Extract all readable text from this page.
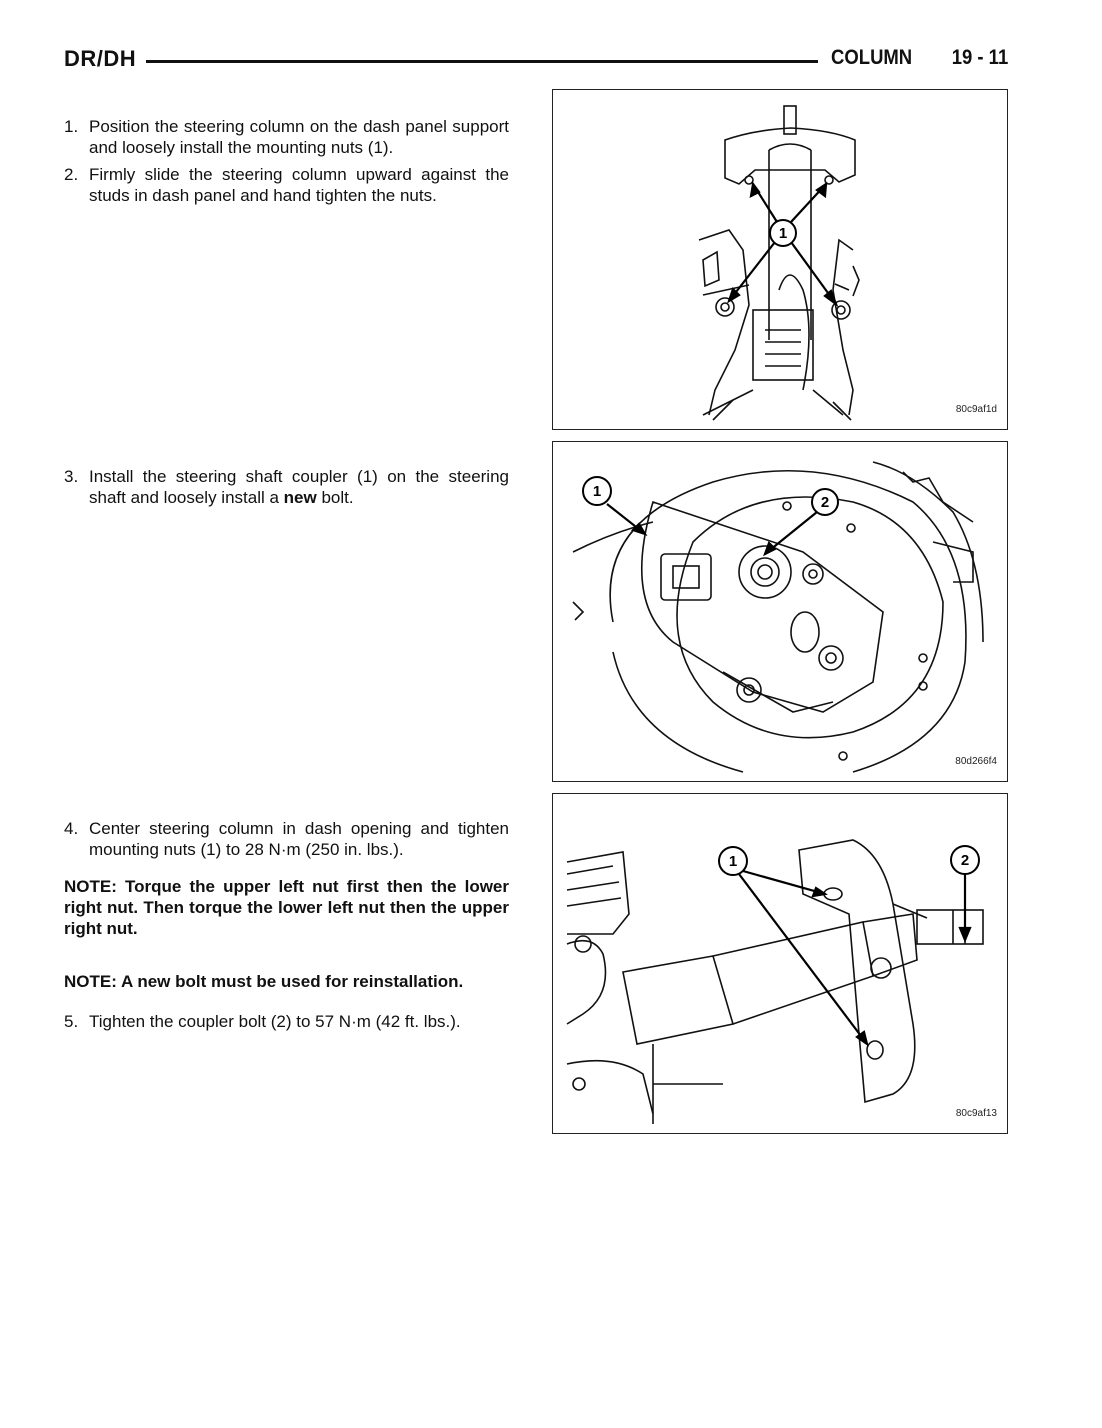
DR/DH	COLUMN 19 - 11
1. Position the steering column on the dash panel support and loosely install the mounting nuts (1).
2. Firmly slide the steering column upward against the studs in dash panel and hand tighten the nuts.
3. Install the steering shaft coupler (1) on the steering shaft and loosely install a new bolt.
4. Center steering column in dash opening and tighten mounting nuts (1) to 28 N·m (250 in. lbs.).
NOTE: Torque the upper left nut first then the lower right nut. Then torque the lower left nut then the upper right nut.
NOTE: A new bolt must be used for reinstallation.
5. Tighten the coupler bolt (2) to 57 N·m (42 ft. lbs.).
1
80c9af1d
1
2
80d266f4
1	2
80c9af13
